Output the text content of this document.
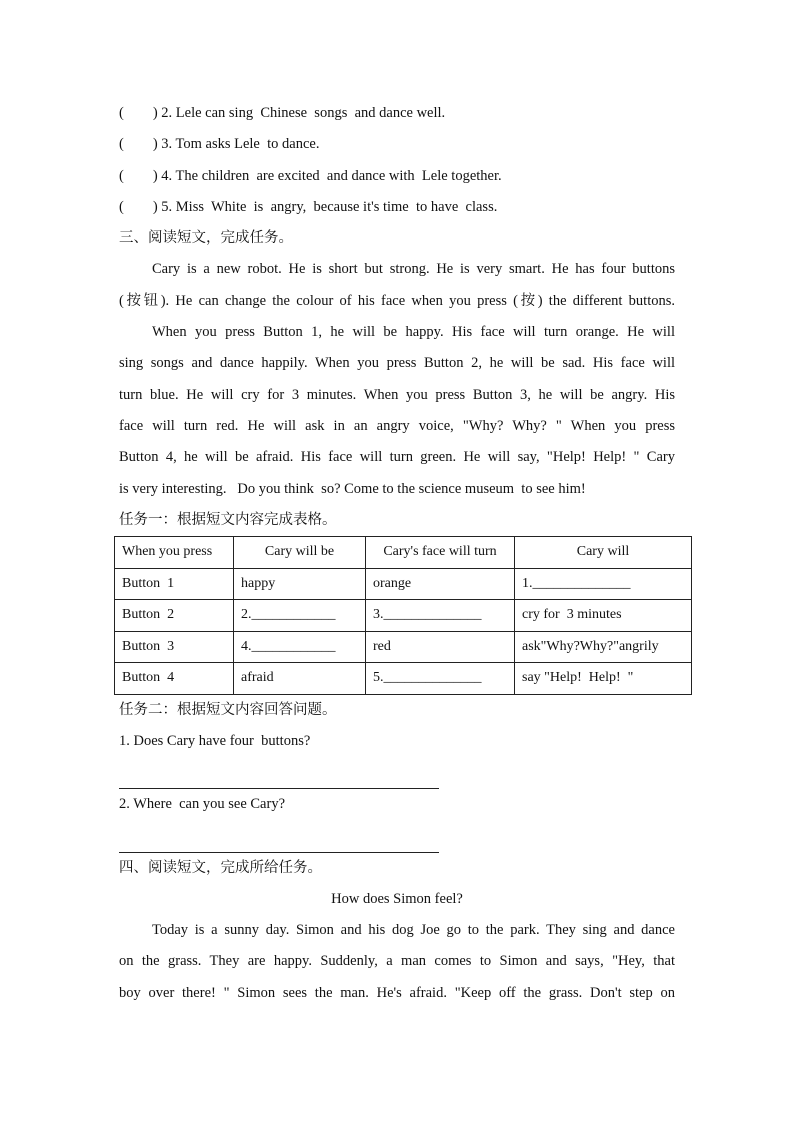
(        ) 2. Lele can sing  Chinese  songs  and dance well.
(        ) 3. Tom asks Lele  to dance.
(        ) 4. The children  are excited  and dance with  Lele together.
(        ) 5. Miss  White  is  angry,  because it's time  to have  class.
三、阅读短文，完成任务。
Cary is a new robot. He is short but strong. He is very smart. He has four buttons
(按钮). He can change the colour of his face when you press (按) the different buttons.
When you press Button 1, he will be happy. His face will turn orange. He will
sing songs and dance happily. When you press Button 2, he will be sad. His face will
turn blue. He will cry for 3 minutes. When you press Button 3, he will be angry. His
face will turn red. He will ask in an angry voice, "Why? Why? " When you press
Button 4, he will be afraid. His face will turn green. He will say, "Help! Help! " Cary
is very interesting.   Do you think  so? Come to the science museum  to see him!
任务一：根据短文内容完成表格。
When you press	Cary will be	Cary's face will turn	Cary will
Button  1	happy	orange	1.______________
Button  2	2.____________	3.______________	cry for  3 minutes
Button  3	4.____________	red	ask"Why?Why?"angrily
Button  4	afraid	5.______________	say "Help!  Help!  "
任务二：根据短文内容回答问题。
1. Does Cary have four  buttons?
2. Where  can you see Cary?
四、阅读短文，完成所给任务。
How does Simon feel?
Today is a sunny day. Simon and his dog Joe go to the park. They sing and dance
on the grass. They are happy. Suddenly, a man comes to Simon and says, "Hey, that
boy over there! " Simon sees the man. He's afraid. "Keep off the grass. Don't step on
